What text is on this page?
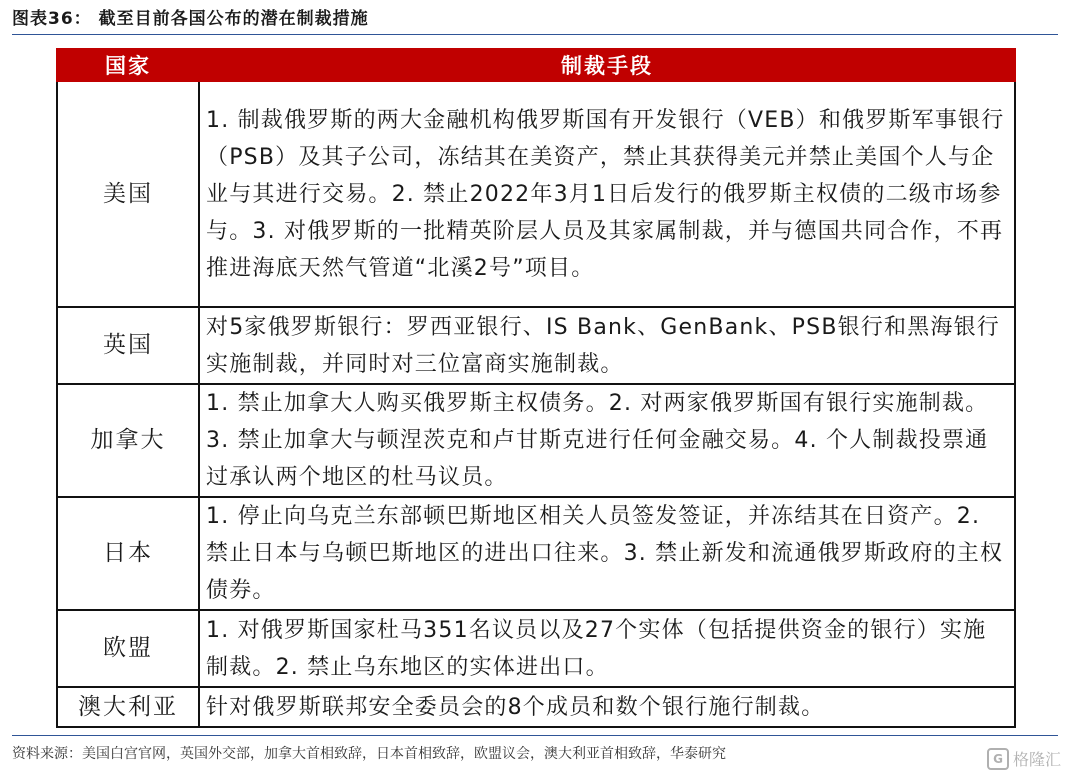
图表36： 截至目前各国公布的潜在制裁措施
国家	制裁手段
美国	1. 制裁俄罗斯的两大金融机构俄罗斯国有开发银行（VEB）和俄罗斯军事银行（PSB）及其子公司，冻结其在美资产，禁止其获得美元并禁止美国个人与企业与其进行交易。2. 禁止2022年3月1日后发行的俄罗斯主权债的二级市场参与。3. 对俄罗斯的一批精英阶层人员及其家属制裁，并与德国共同合作，不再推进海底天然气管道“北溪2号”项目。
英国	对5家俄罗斯银行：罗西亚银行、IS Bank、GenBank、PSB银行和黑海银行实施制裁，并同时对三位富商实施制裁。
加拿大	1. 禁止加拿大人购买俄罗斯主权债务。2. 对两家俄罗斯国有银行实施制裁。3. 禁止加拿大与顿涅茨克和卢甘斯克进行任何金融交易。4. 个人制裁投票通过承认两个地区的杜马议员。
日本	1. 停止向乌克兰东部顿巴斯地区相关人员签发签证，并冻结其在日资产。2. 禁止日本与乌顿巴斯地区的进出口往来。3. 禁止新发和流通俄罗斯政府的主权债券。
欧盟	1. 对俄罗斯国家杜马351名议员以及27个实体（包括提供资金的银行）实施制裁。2. 禁止乌东地区的实体进出口。
澳大利亚	针对俄罗斯联邦安全委员会的8个成员和数个银行施行制裁。
资料来源：美国白宫官网，英国外交部，加拿大首相致辞，日本首相致辞，欧盟议会，澳大利亚首相致辞，华泰研究	G 格隆汇
